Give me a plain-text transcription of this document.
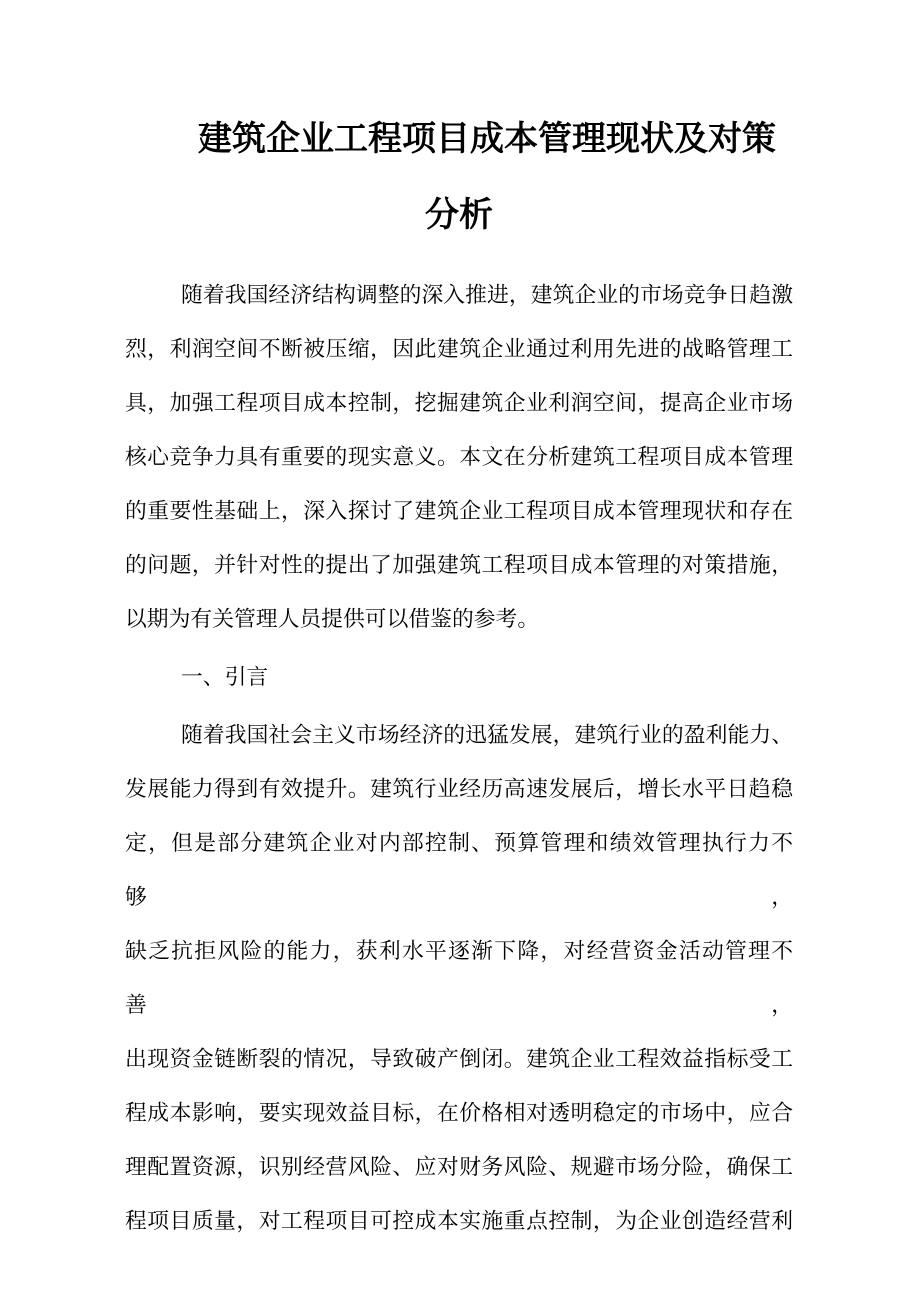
建筑企业工程项目成本管理现状及对策
分析

随着我国经济结构调整的深入推进，建筑企业的市场竞争日趋激
烈，利润空间不断被压缩，因此建筑企业通过利用先进的战略管理工
具，加强工程项目成本控制，挖掘建筑企业利润空间，提高企业市场
核心竞争力具有重要的现实意义。本文在分析建筑工程项目成本管理
的重要性基础上，深入探讨了建筑企业工程项目成本管理现状和存在
的问题，并针对性的提出了加强建筑工程项目成本管理的对策措施，
以期为有关管理人员提供可以借鉴的参考。

一、引言

随着我国社会主义市场经济的迅猛发展，建筑行业的盈利能力、
发展能力得到有效提升。建筑行业经历高速发展后，增长水平日趋稳
定，但是部分建筑企业对内部控制、预算管理和绩效管理执行力不够，
缺乏抗拒风险的能力，获利水平逐渐下降，对经营资金活动管理不善，
出现资金链断裂的情况，导致破产倒闭。建筑企业工程效益指标受工
程成本影响，要实现效益目标，在价格相对透明稳定的市场中，应合
理配置资源，识别经营风险、应对财务风险、规避市场分险，确保工
程项目质量，对工程项目可控成本实施重点控制，为企业创造经营利
